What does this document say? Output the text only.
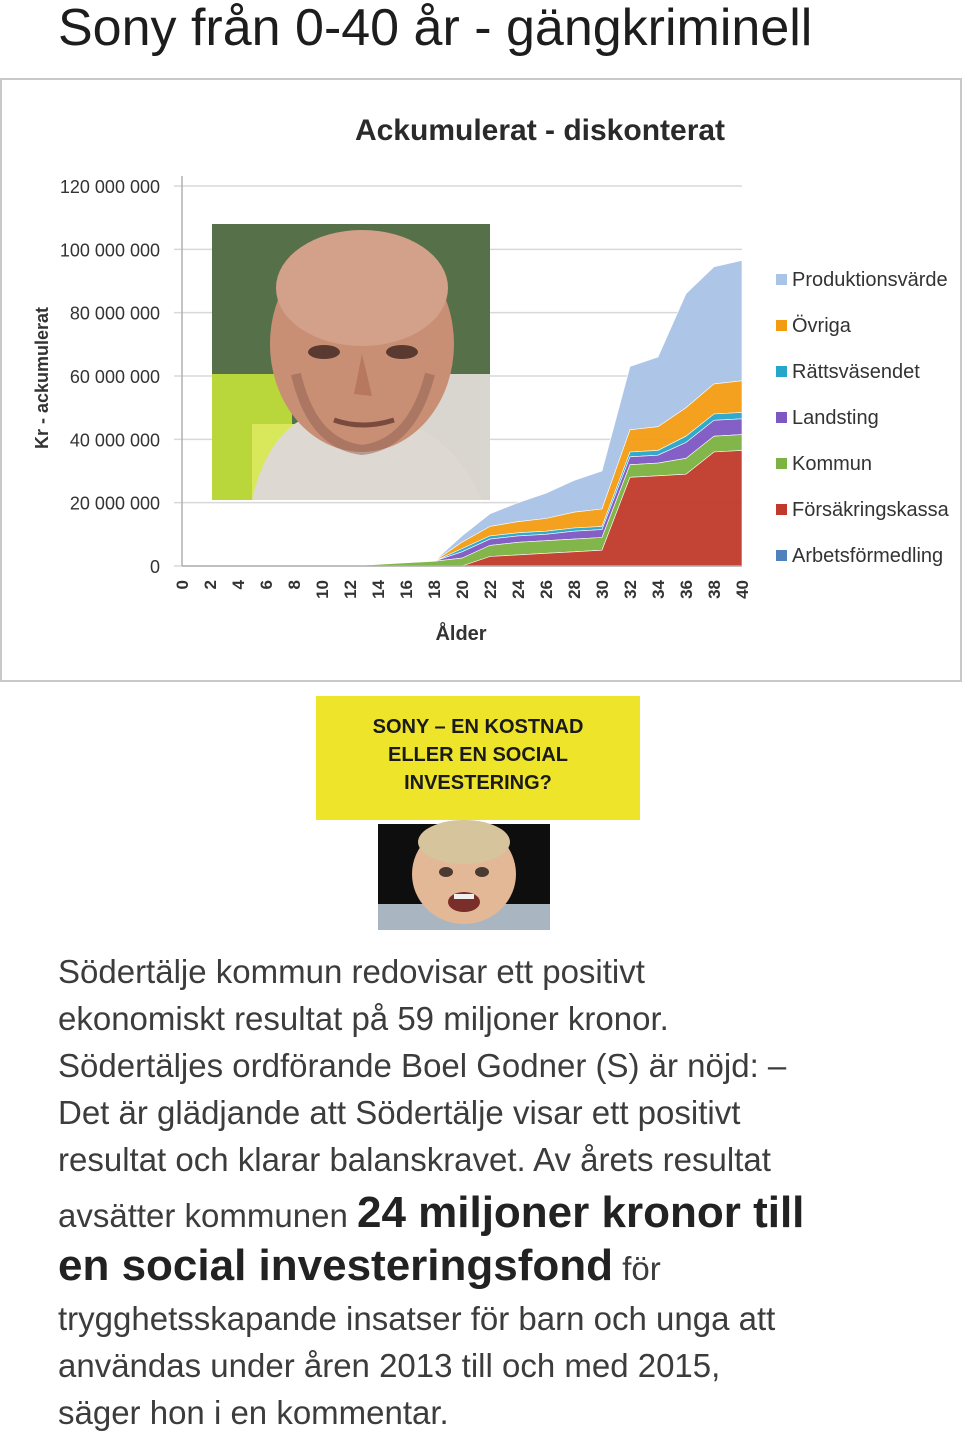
Sony från 0-40 år - gängkriminell
0
20 000 000
40 000 000
60 000 000
80 000 000
100 000 000
120 000 000
0 2 4 6 8 10 12 14 16 18 20 22 24 26 28 30 32 34 36 38 40
Produktionsvärde
Övriga
Rättsväsendet
Landsting
Kommun
Försäkringskassa
Arbetsförmedling
Ackumulerat - diskonterat
Ålder
Kr - ackumulerat
SONY – EN KOSTNAD
ELLER EN SOCIAL
INVESTERING?
Södertälje kommun redovisar ett positivt
ekonomiskt resultat på 59 miljoner kronor.
Södertäljes ordförande Boel Godner (S) är nöjd: –
Det är glädjande att Södertälje visar ett positivt
resultat och klarar balanskravet. Av årets resultat
avsätter kommunen 24 miljoner kronor till
en social investeringsfond för
trygghetsskapande insatser för barn och unga att
användas under åren 2013 till och med 2015,
säger hon i en kommentar.
